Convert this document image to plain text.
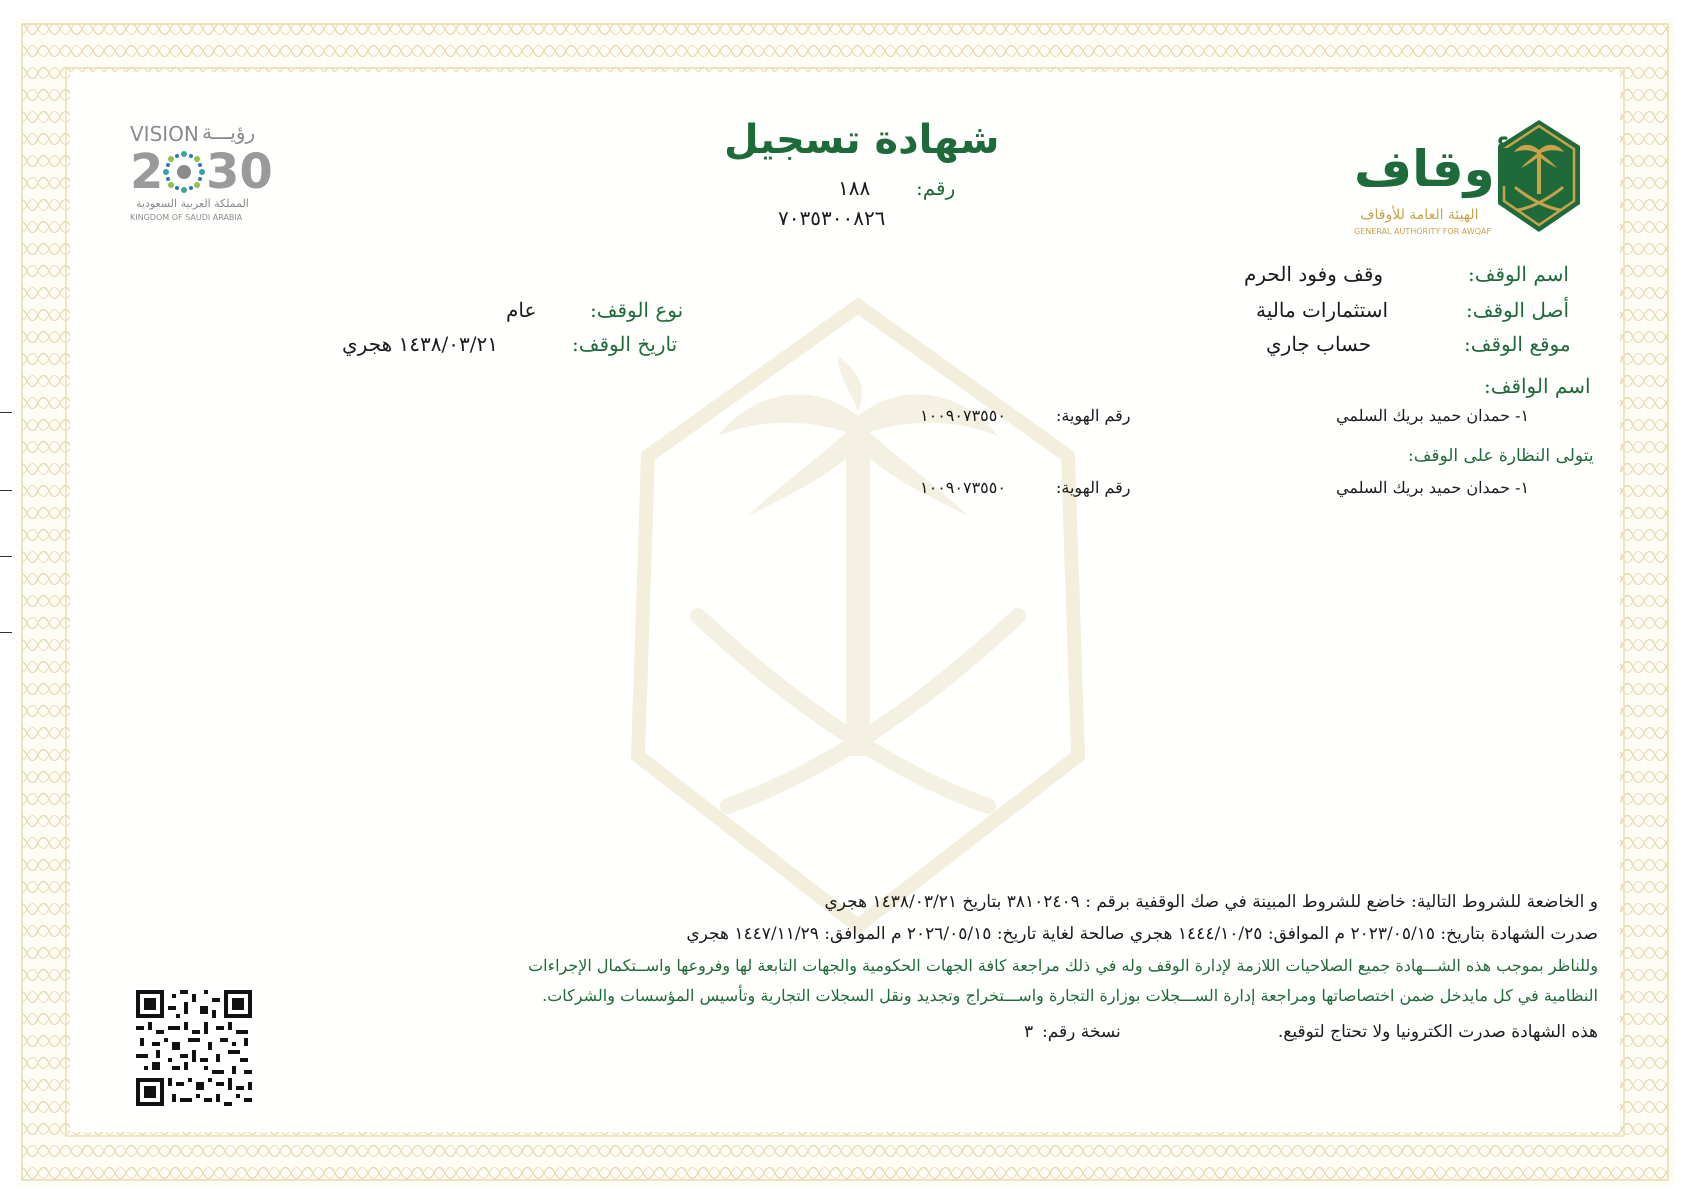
أوقاف
الهيئة العامة للأوقاف
GENERAL AUTHORITY FOR AWQAF
VISION رؤيـــة
2 30
المملكة العربية السعودية
KINGDOM OF SAUDI ARABIA
شهادة تسجيل
رقم:
١٨٨
٧٠٣٥٣٠٠٨٢٦
اسم الوقف:
وقف وفود الحرم
أصل الوقف:
استثمارات مالية
موقع الوقف:
حساب جاري
نوع الوقف:
عام
تاريخ الوقف:
١٤٣٨/٠٣/٢١ هجري
اسم الواقف:
١- حمدان حميد بريك السلمي
رقم الهوية:
١٠٠٩٠٧٣٥٥٠
يتولى النظارة على الوقف:
١- حمدان حميد بريك السلمي
رقم الهوية:
١٠٠٩٠٧٣٥٥٠
و الخاضعة للشروط التالية: خاضع للشروط المبينة في صك الوقفية برقم : ٣٨١٠٢٤٠٩ بتاريخ ١٤٣٨/٠٣/٢١ هجري
صدرت الشهادة بتاريخ: ٢٠٢٣/٠٥/١٥ م الموافق: ١٤٤٤/١٠/٢٥ هجري صالحة لغاية تاريخ: ٢٠٢٦/٠٥/١٥ م الموافق: ١٤٤٧/١١/٢٩ هجري
وللناظر بموجب هذه الشـــهادة جميع الصلاحيات اللازمة لإدارة الوقف وله في ذلك مراجعة كافة الجهات الحكومية والجهات التابعة لها وفروعها واســتكمال الإجراءات
النظامية في كل مايدخل ضمن اختصاصاتها ومراجعة إدارة الســـجلات بوزارة التجارة واســـتخراج وتجديد ونقل السجلات التجارية وتأسيس المؤسسات والشركات.
هذه الشهادة صدرت الكترونيا ولا تحتاج لتوقيع.
نسخة رقم:
٣
